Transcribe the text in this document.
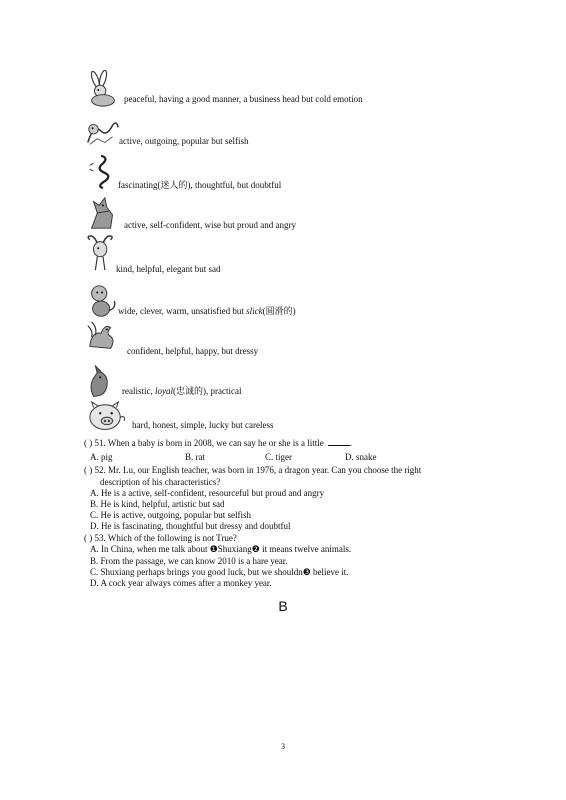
peaceful, having a good manner, a business head but cold emotion
active, outgoing, popular but selfish
fascinating(迷人的), thoughtful, but doubtful
active, self-confident, wise but proud and angry
kind, helpful, elegant but sad
wide, clever, warm, unsatisfied but slick(圆滑的)
confident, helpful, happy, but dressy
realistic, loyal(忠诚的), practical
hard, honest, simple, lucky but careless
( ) 51. When a baby is born in 2008, we can say he or she is a little	.
A. pig	B. rat	C. tiger	D. snake
( ) 52. Mr. Lu, our English teacher, was born in 1976, a dragon year. Can you choose the right
description of his characteristics?
A. He is a active, self-confident, resourceful but proud and angry
B. He is kind, helpful, artistic but sad
C. He is active, outgoing, popular but selfish
D. He is fascinating, thoughtful but dressy and doubtful
( ) 53. Which of the following is not True?
A. In China, when me talk about ❶Shuxiang❷ it means twelve animals.
B. From the passage, we can know 2010 is a hare year.
C. Shuxiang perhaps brings you good luck, but we shouldn❸ believe it.
D. A cock year always comes after a monkey year.
B
3
